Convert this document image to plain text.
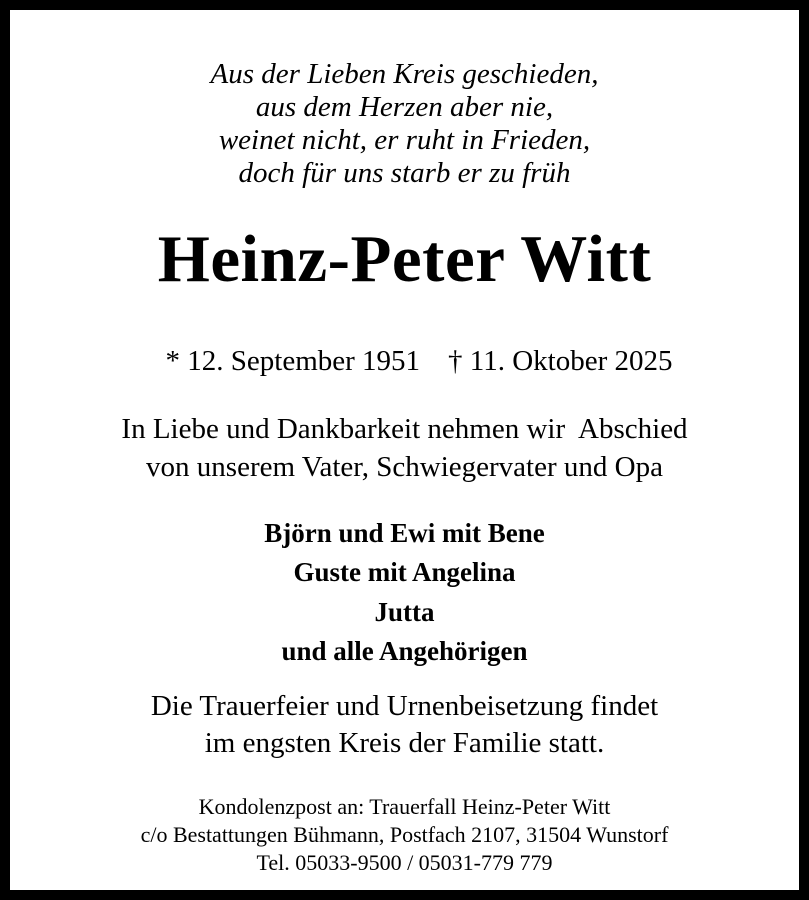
Aus der Lieben Kreis geschieden,
aus dem Herzen aber nie,
weinet nicht, er ruht in Frieden,
doch für uns starb er zu früh
Heinz-Peter Witt

* 12. September 1951 † 11. Oktober 2025

In Liebe und Dankbarkeit nehmen wir  Abschied
von unserem Vater, Schwiegervater und Opa
Björn und Ewi mit Bene
Guste mit Angelina
Jutta
und alle Angehörigen
Die Trauerfeier und Urnenbeisetzung findet
im engsten Kreis der Familie statt.
Kondolenzpost an: Trauerfall Heinz-Peter Witt
c/o Bestattungen Bühmann, Postfach 2107, 31504 Wunstorf
Tel. 05033-9500 / 05031-779 779
